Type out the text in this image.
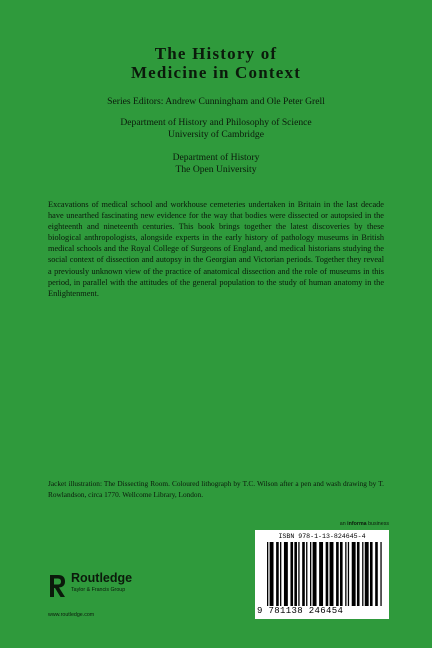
The History of
Medicine in Context
Series Editors: Andrew Cunningham and Ole Peter Grell
Department of History and Philosophy of Science
University of Cambridge
Department of History
The Open University
Excavations of medical school and workhouse cemeteries undertaken in Britain in the last decade have unearthed fascinating new evidence for the way that bodies were dissected or autopsied in the eighteenth and nineteenth centuries. This book brings together the latest discoveries by these biological anthropologists, alongside experts in the early history of pathology museums in British medical schools and the Royal College of Surgeons of England, and medical historians studying the social context of dissection and autopsy in the Georgian and Victorian periods. Together they reveal a previously unknown view of the practice of anatomical dissection and the role of museums in this period, in parallel with the attitudes of the general population to the study of human anatomy in the Enlightenment.
Jacket illustration: The Dissecting Room. Coloured lithograph by T.C. Wilson after a pen and wash drawing by T. Rowlandson, circa 1770. Wellcome Library, London.
an informa business
ISBN 978-1-13-824645-4
9 781138 246454
Routledge
Taylor & Francis Group
www.routledge.com
